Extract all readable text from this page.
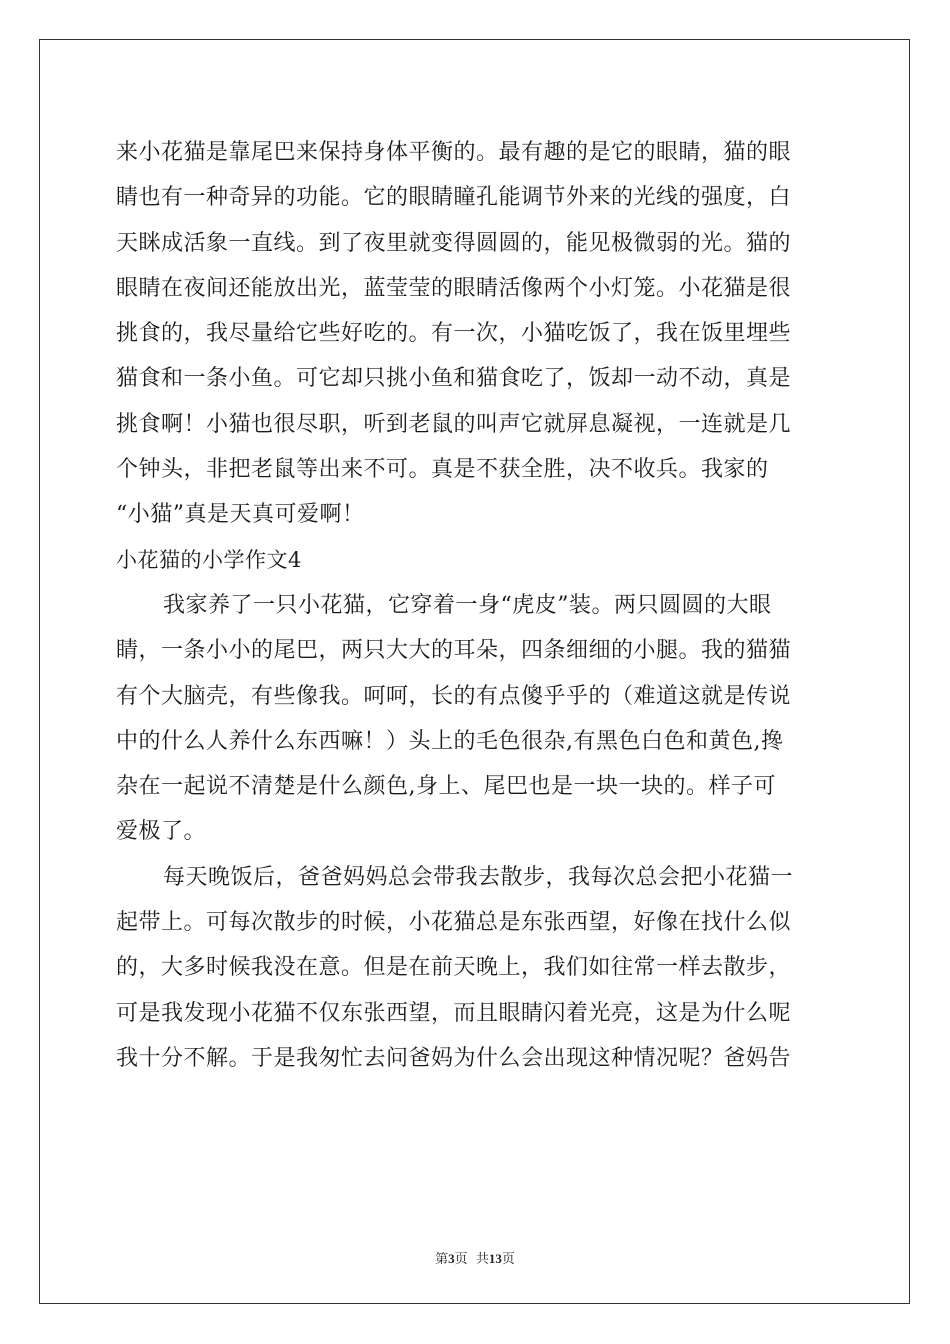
来小花猫是靠尾巴来保持身体平衡的。最有趣的是它的眼睛，猫的眼
睛也有一种奇异的功能。它的眼睛瞳孔能调节外来的光线的强度，白
天眯成活象一直线。到了夜里就变得圆圆的，能见极微弱的光。猫的
眼睛在夜间还能放出光，蓝莹莹的眼睛活像两个小灯笼。小花猫是很
挑食的，我尽量给它些好吃的。有一次，小猫吃饭了，我在饭里埋些
猫食和一条小鱼。可它却只挑小鱼和猫食吃了，饭却一动不动，真是
挑食啊！小猫也很尽职，听到老鼠的叫声它就屏息凝视，一连就是几
个钟头，非把老鼠等出来不可。真是不获全胜，决不收兵。我家的
“小猫”真是天真可爱啊！
小花猫的小学作文4
我家养了一只小花猫，它穿着一身“虎皮”装。两只圆圆的大眼
睛，一条小小的尾巴，两只大大的耳朵，四条细细的小腿。我的猫猫
有个大脑壳，有些像我。呵呵，长的有点傻乎乎的（难道这就是传说
中的什么人养什么东西嘛！）头上的毛色很杂,有黑色白色和黄色,搀
杂在一起说不清楚是什么颜色,身上、尾巴也是一块一块的。样子可
爱极了。
每天晚饭后，爸爸妈妈总会带我去散步，我每次总会把小花猫一
起带上。可每次散步的时候，小花猫总是东张西望，好像在找什么似
的，大多时候我没在意。但是在前天晚上，我们如往常一样去散步，
可是我发现小花猫不仅东张西望，而且眼睛闪着光亮，这是为什么呢
我十分不解。于是我匆忙去问爸妈为什么会出现这种情况呢？爸妈告
第3页  共13页
